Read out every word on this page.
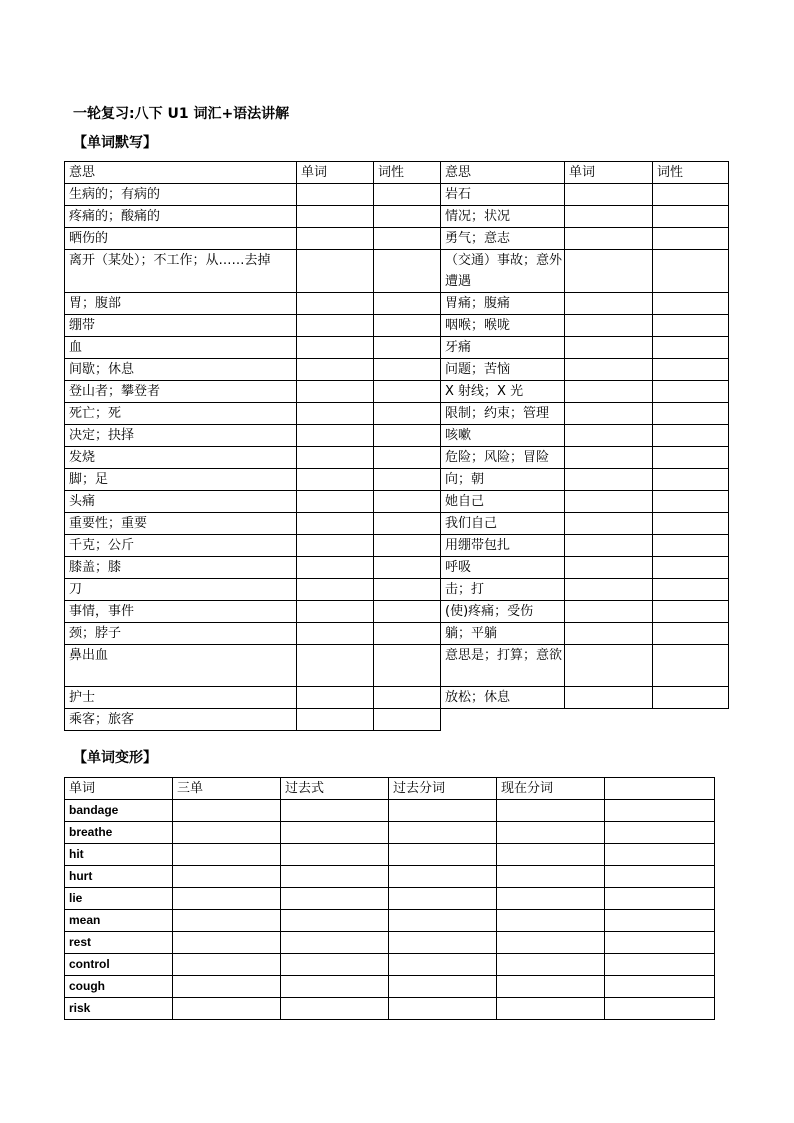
一轮复习:八下 U1 词汇+语法讲解
【单词默写】
意思	单词	词性	意思	单词	词性
生病的；有病的			岩石		
疼痛的；酸痛的			情况；状况		
晒伤的			勇气；意志		
离开（某处）；不工作；从……去掉			（交通）事故；意外遭遇		
胃；腹部			胃痛；腹痛		
绷带			咽喉；喉咙		
血			牙痛		
间歇；休息			问题；苦恼		
登山者；攀登者			X 射线；X 光		
死亡；死			限制；约束；管理		
决定；抉择			咳嗽		
发烧			危险；风险；冒险		
脚；足			向；朝		
头痛			她自己		
重要性；重要			我们自己		
千克；公斤			用绷带包扎		
膝盖；膝			呼吸		
刀			击；打		
事情，事件			(使)疼痛；受伤		
颈；脖子			躺；平躺		
鼻出血			意思是；打算；意欲		
护士			放松；休息		
乘客；旅客					
【单词变形】
单词	三单	过去式	过去分词	现在分词	
bandage					
breathe					
hit					
hurt					
lie					
mean					
rest					
control					
cough					
risk					
